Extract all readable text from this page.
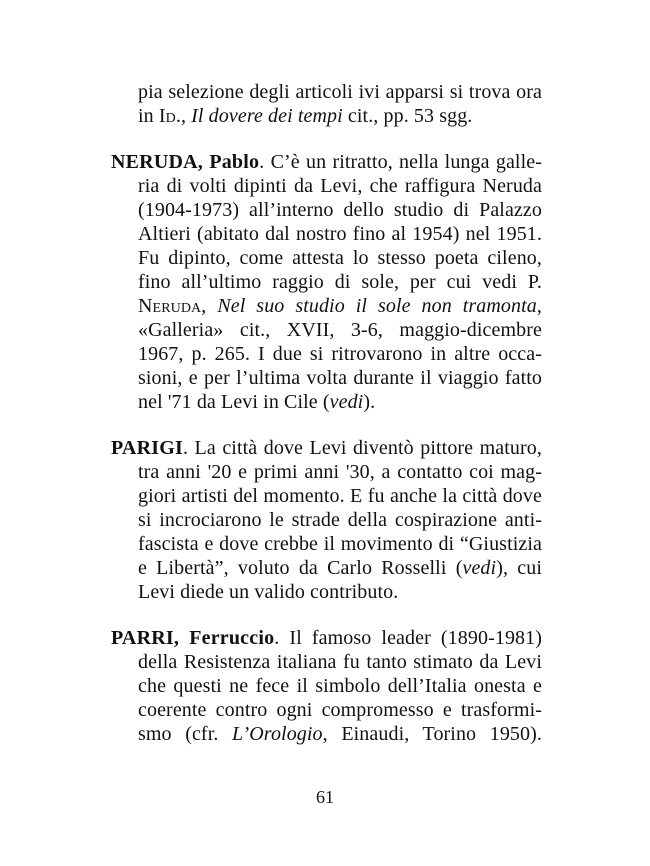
pia selezione degli articoli ivi apparsi si trova ora
in Id., Il dovere dei tempi cit., pp. 53 sgg.
NERUDA, Pablo. C’è un ritratto, nella lunga galle-
ria di volti dipinti da Levi, che raffigura Neruda
(1904-1973) all’interno dello studio di Palazzo
Altieri (abitato dal nostro fino al 1954) nel 1951.
Fu dipinto, come attesta lo stesso poeta cileno,
fino all’ultimo raggio di sole, per cui vedi P.
Neruda, Nel suo studio il sole non tramonta,
«Galleria» cit., XVII, 3-6, maggio-dicembre
1967, p. 265. I due si ritrovarono in altre occa-
sioni, e per l’ultima volta durante il viaggio fatto
nel '71 da Levi in Cile (vedi).
PARIGI. La città dove Levi diventò pittore maturo,
tra anni '20 e primi anni '30, a contatto coi mag-
giori artisti del momento. E fu anche la città dove
si incrociarono le strade della cospirazione anti-
fascista e dove crebbe il movimento di “Giustizia
e Libertà”, voluto da Carlo Rosselli (vedi), cui
Levi diede un valido contributo.
PARRI, Ferruccio. Il famoso leader (1890-1981)
della Resistenza italiana fu tanto stimato da Levi
che questi ne fece il simbolo dell’Italia onesta e
coerente contro ogni compromesso e trasformi-
smo (cfr. L’Orologio, Einaudi, Torino 1950).
61
